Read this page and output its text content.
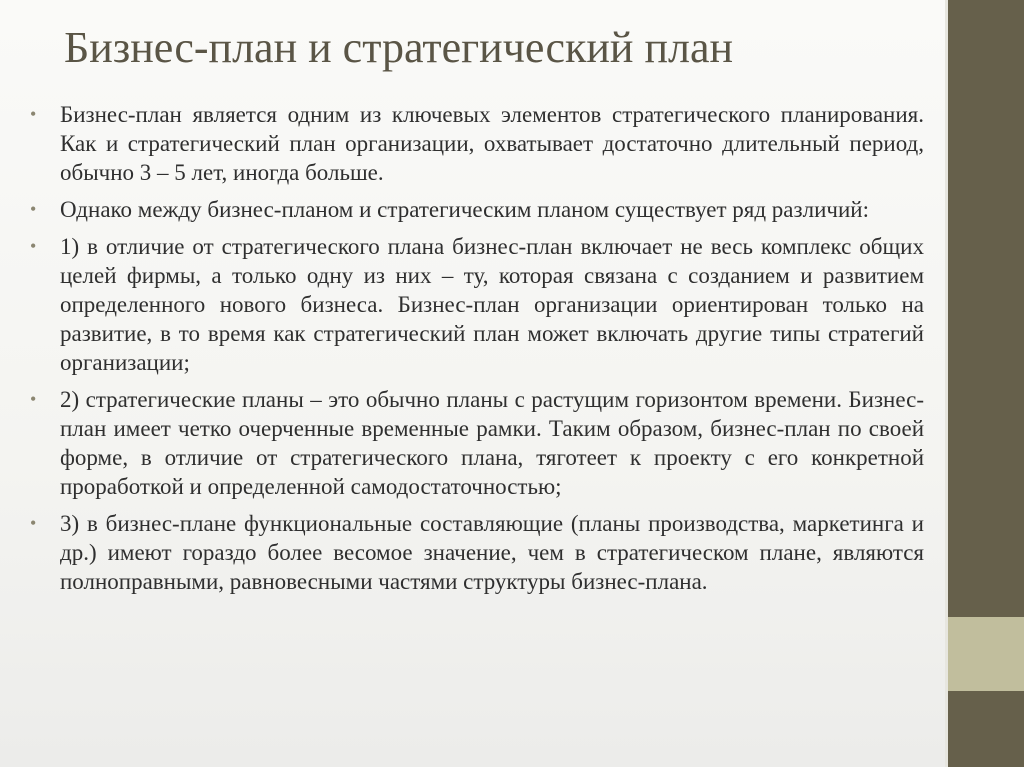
Бизнес-план и стратегический план
•	Бизнес-план является одним из ключевых элементов стратегического планирования. Как и стратегический план организации, охватывает достаточно длительный период, обычно 3 – 5 лет, иногда больше.
•	Однако между бизнес-планом и стратегическим планом существует ряд различий:
•	1) в отличие от стратегического плана бизнес-план включает не весь комплекс общих целей фирмы, а только одну из них – ту, которая связана с созданием и развитием определенного нового бизнеса. Бизнес-план организации ориентирован только на развитие, в то время как стратегический план может включать другие типы стратегий организации;
•	2) стратегические планы – это обычно планы с растущим горизонтом времени. Бизнес-план имеет четко очерченные временные рамки. Таким образом, бизнес-план по своей форме, в отличие от стратегического плана, тяготеет к проекту с его конкретной проработкой и определенной самодостаточностью;
•	3) в бизнес-плане функциональные составляющие (планы производства, маркетинга и др.) имеют гораздо более весомое значение, чем в стратегическом плане, являются полноправными, равновесными частями структуры бизнес-плана.
